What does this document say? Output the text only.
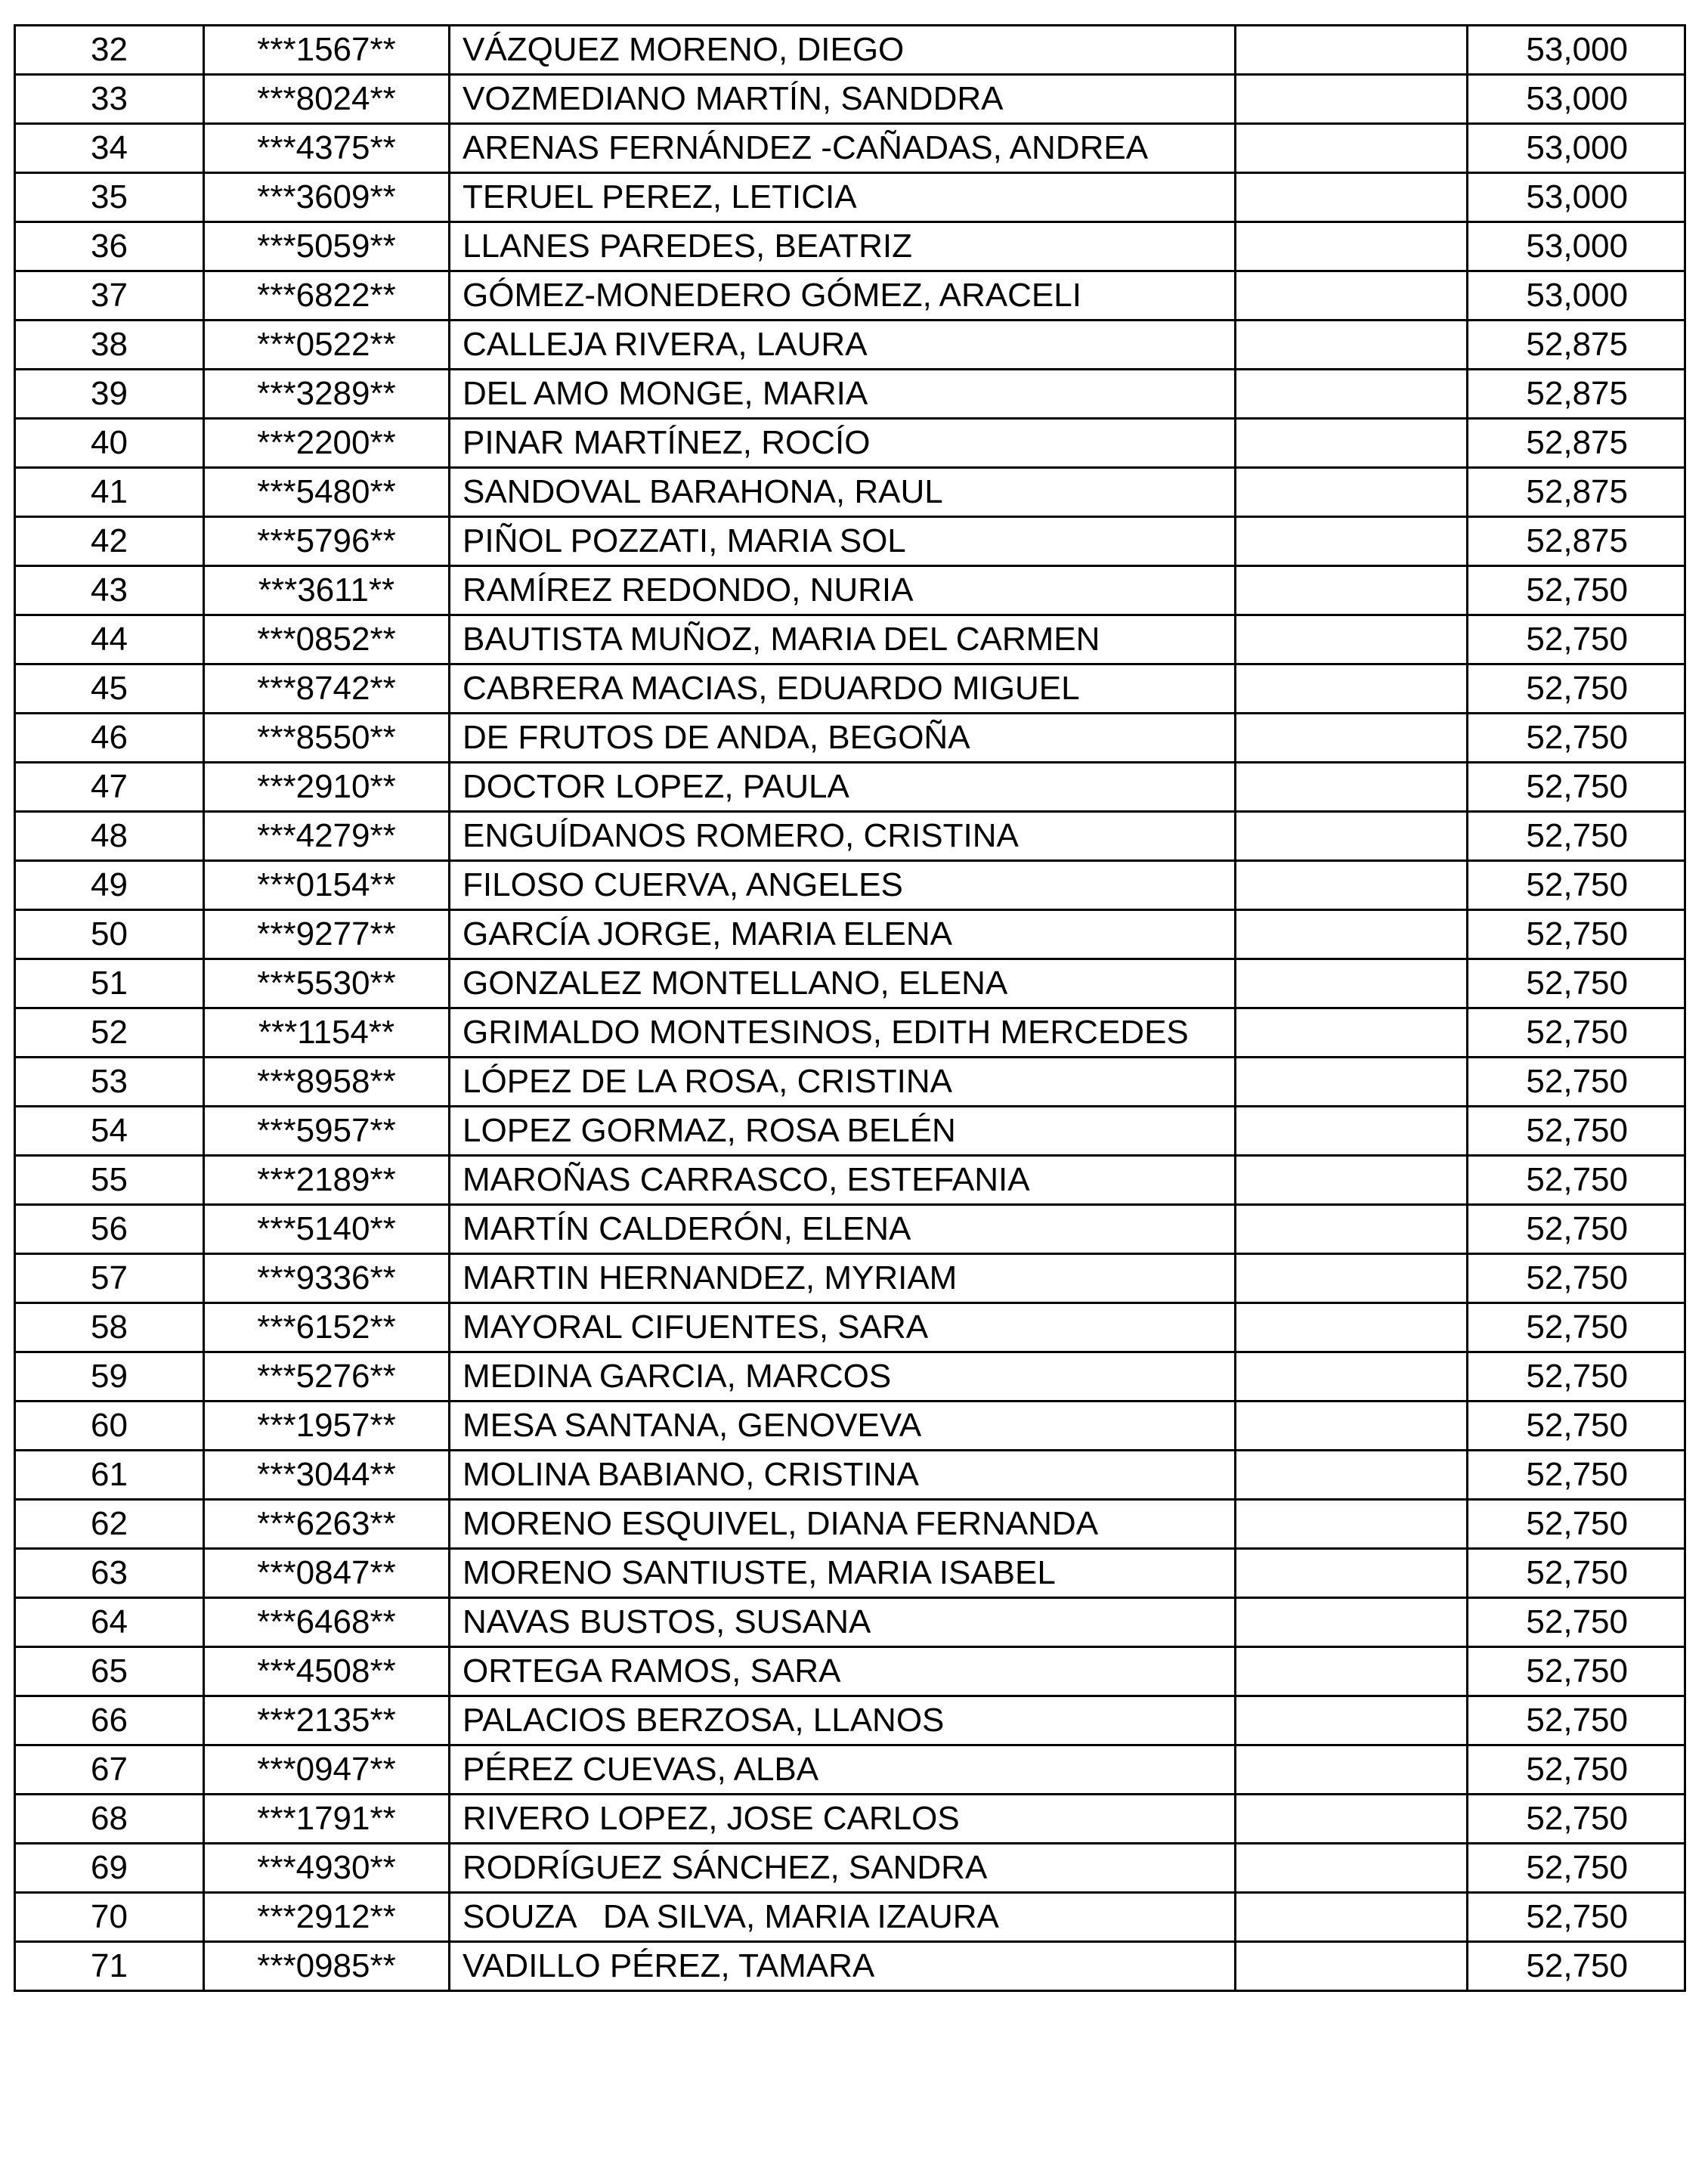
32	***1567**	VÁZQUEZ MORENO, DIEGO		53,000
33	***8024**	VOZMEDIANO MARTÍN, SANDDRA		53,000
34	***4375**	ARENAS FERNÁNDEZ -CAÑADAS, ANDREA		53,000
35	***3609**	TERUEL PEREZ, LETICIA		53,000
36	***5059**	LLANES PAREDES, BEATRIZ		53,000
37	***6822**	GÓMEZ-MONEDERO GÓMEZ, ARACELI		53,000
38	***0522**	CALLEJA RIVERA, LAURA		52,875
39	***3289**	DEL AMO MONGE, MARIA		52,875
40	***2200**	PINAR MARTÍNEZ, ROCÍO		52,875
41	***5480**	SANDOVAL BARAHONA, RAUL		52,875
42	***5796**	PIÑOL POZZATI, MARIA SOL		52,875
43	***3611**	RAMÍREZ REDONDO, NURIA		52,750
44	***0852**	BAUTISTA MUÑOZ, MARIA DEL CARMEN		52,750
45	***8742**	CABRERA MACIAS, EDUARDO MIGUEL		52,750
46	***8550**	DE FRUTOS DE ANDA, BEGOÑA		52,750
47	***2910**	DOCTOR LOPEZ, PAULA		52,750
48	***4279**	ENGUÍDANOS ROMERO, CRISTINA		52,750
49	***0154**	FILOSO CUERVA, ANGELES		52,750
50	***9277**	GARCÍA JORGE, MARIA ELENA		52,750
51	***5530**	GONZALEZ MONTELLANO, ELENA		52,750
52	***1154**	GRIMALDO MONTESINOS, EDITH MERCEDES		52,750
53	***8958**	LÓPEZ DE LA ROSA, CRISTINA		52,750
54	***5957**	LOPEZ GORMAZ, ROSA BELÉN		52,750
55	***2189**	MAROÑAS CARRASCO, ESTEFANIA		52,750
56	***5140**	MARTÍN CALDERÓN, ELENA		52,750
57	***9336**	MARTIN HERNANDEZ, MYRIAM		52,750
58	***6152**	MAYORAL CIFUENTES, SARA		52,750
59	***5276**	MEDINA GARCIA, MARCOS		52,750
60	***1957**	MESA SANTANA, GENOVEVA		52,750
61	***3044**	MOLINA BABIANO, CRISTINA		52,750
62	***6263**	MORENO ESQUIVEL, DIANA FERNANDA		52,750
63	***0847**	MORENO SANTIUSTE, MARIA ISABEL		52,750
64	***6468**	NAVAS BUSTOS, SUSANA		52,750
65	***4508**	ORTEGA RAMOS, SARA		52,750
66	***2135**	PALACIOS BERZOSA, LLANOS		52,750
67	***0947**	PÉREZ CUEVAS, ALBA		52,750
68	***1791**	RIVERO LOPEZ, JOSE CARLOS		52,750
69	***4930**	RODRÍGUEZ SÁNCHEZ, SANDRA		52,750
70	***2912**	SOUZA   DA SILVA, MARIA IZAURA		52,750
71	***0985**	VADILLO PÉREZ, TAMARA		52,750
